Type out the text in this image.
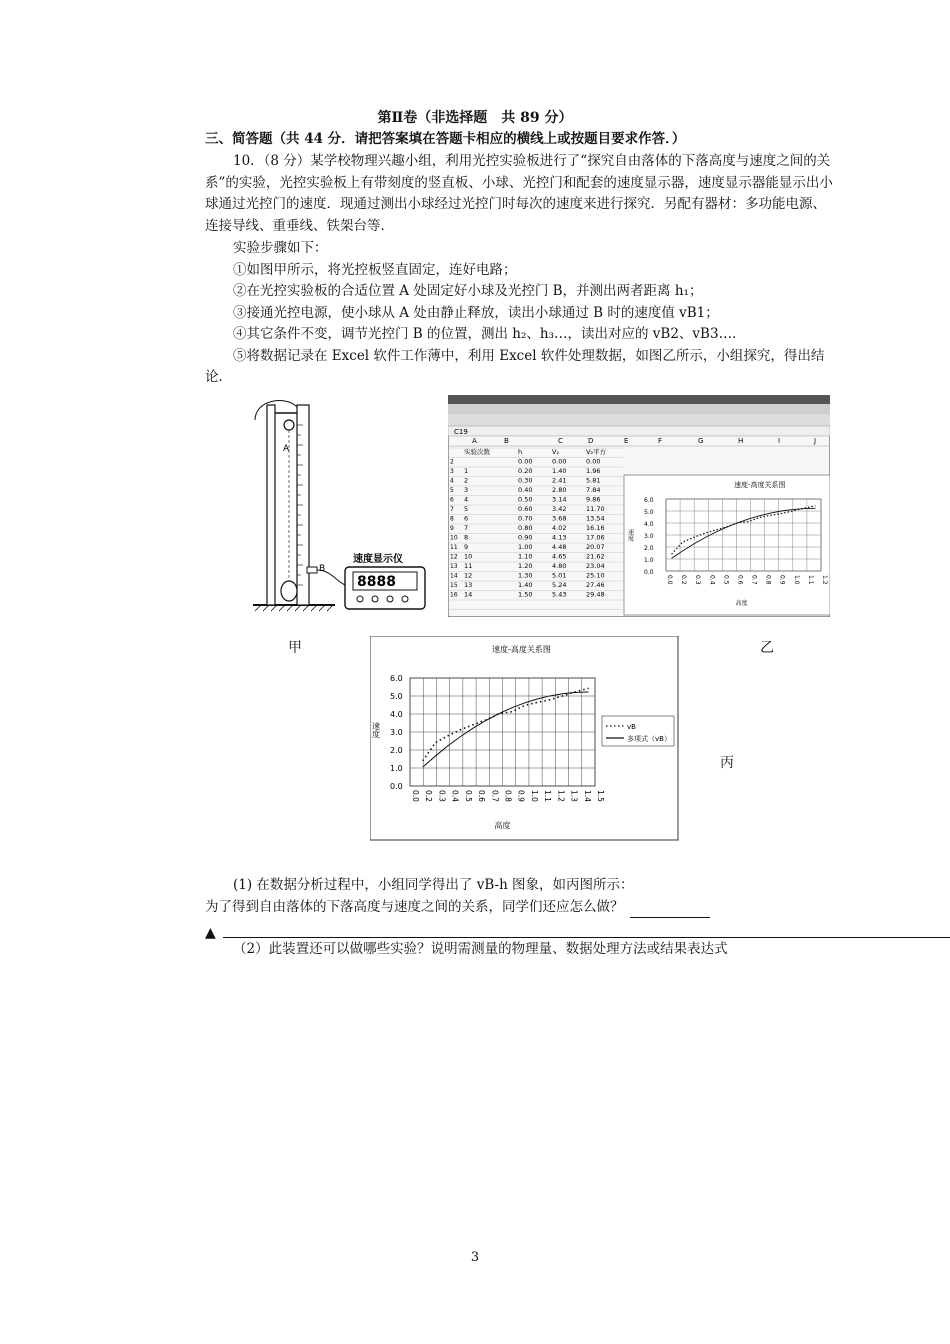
第Ⅱ卷（非选择题　共 89 分）

三、简答题（共 44 分．请把答案填在答题卡相应的横线上或按题目要求作答．）

10．（8 分）某学校物理兴趣小组，利用光控实验板进行了“探究自由落体的下落高度与速度之间的关系”的实验，光控实验板上有带刻度的竖直板、小球、光控门和配套的速度显示器，速度显示器能显示出小球通过光控门的速度．现通过测出小球经过光控门时每次的速度来进行探究．另配有器材：多功能电源、连接导线、重垂线、铁架台等．

实验步骤如下：
①如图甲所示，将光控板竖直固定，连好电路；
②在光控实验板的合适位置 A 处固定好小球及光控门 B，并测出两者距离 h₁；
③接通光控电源，使小球从 A 处由静止释放，读出小球通过 B 时的速度值 vB1；
④其它条件不变，调节光控门 B 的位置，测出 h₂、h₃…，读出对应的 vB2、vB3…．
⑤将数据记录在 Excel 软件工作薄中，利用 Excel 软件处理数据，如图乙所示，小组探究，得出结论．
A
B
速度显示仪
8888
甲
C19
A	B	C	D	E	F	G	H	I	J
实验次数	h	V₂	V₂平方
2	0.00	0.00	0.00
3 1	0.20	1.40	1.96
4 2	0.30	2.41	5.81
5 3	0.40	2.80	7.84
6 4	0.50	3.14	9.86
7 5	0.60	3.42	11.70
8 6	0.70	3.68	13.54
9 7	0.80	4.02	16.16
10 8	0.90	4.13	17.06
11 9	1.00	4.48	20.07
12 10	1.10	4.65	21.62
13 11	1.20	4.80	23.04
14 12	1.30	5.01	25.10
15 13	1.40	5.24	27.46
16 14	1.50	5.43	29.48
速度-高度关系图
6.0
5.0
4.0
3.0
2.0
1.0
0.0
0.0 0.2 0.3 0.4 0.5 0.6 0.7 0.8 0.9 1.0 1.1 1.2
高度
速度
乙
速度-高度关系图
0.0
1.0
2.0
3.0
4.0
5.0
6.0
0.0 0.2 0.3 0.4 0.5 0.6 0.7 0.8 0.9 1.0 1.1 1.2 1.3 1.4 1.5
高度
速度	vB
多项式（vB）
丙
(1) 在数据分析过程中，小组同学得出了 vB-h 图象，如丙图所示：
为了得到自由落体的下落高度与速度之间的关系，同学们还应怎么做？
▲

（2）此装置还可以做哪些实验？说明需测量的物理量、数据处理方法或结果表达式

3
